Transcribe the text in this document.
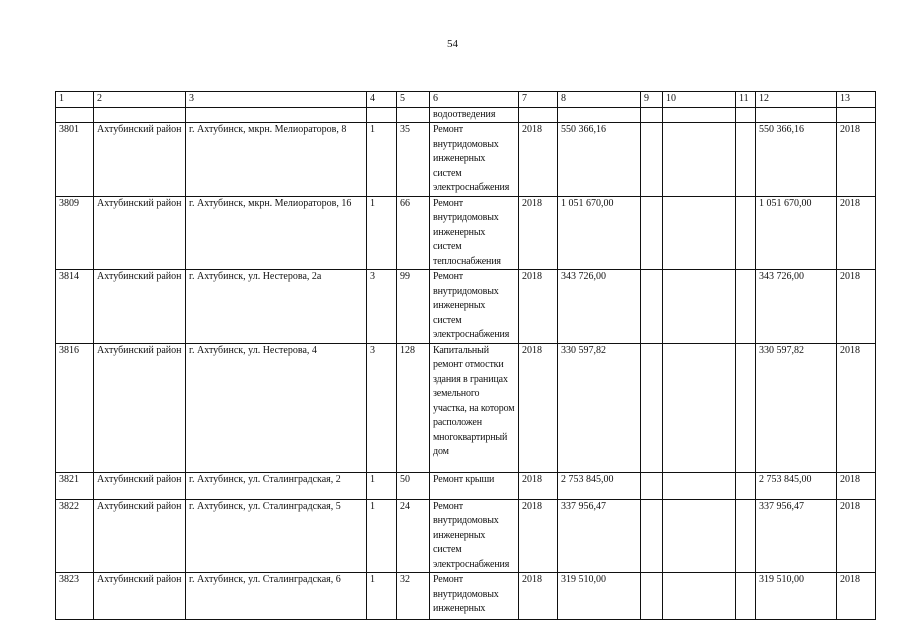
54
1	2	3	4	5	6	7	8	9	10	11	12	13
					водоотведения							
3801	Ахтубинский район	г. Ахтубинск, мкрн. Мелиораторов, 8	1	35	Ремонт внутридомовых инженерных систем электроснабжения	2018	550 366,16				550 366,16	2018
3809	Ахтубинский район	г. Ахтубинск, мкрн. Мелиораторов, 16	1	66	Ремонт внутридомовых инженерных систем теплоснабжения	2018	1 051 670,00				1 051 670,00	2018
3814	Ахтубинский район	г. Ахтубинск, ул. Нестерова, 2а	3	99	Ремонт внутридомовых инженерных систем электроснабжения	2018	343 726,00				343 726,00	2018
3816	Ахтубинский район	г. Ахтубинск, ул. Нестерова, 4	3	128	Капитальный ремонт отмостки здания в границах земельного участка, на котором расположен многоквартирный дом	2018	330 597,82				330 597,82	2018
3821	Ахтубинский район	г. Ахтубинск, ул. Сталинградская, 2	1	50	Ремонт крыши	2018	2 753 845,00				2 753 845,00	2018
3822	Ахтубинский район	г. Ахтубинск, ул. Сталинградская, 5	1	24	Ремонт внутридомовых инженерных систем электроснабжения	2018	337 956,47				337 956,47	2018
3823	Ахтубинский район	г. Ахтубинск, ул. Сталинградская, 6	1	32	Ремонт внутридомовых инженерных	2018	319 510,00				319 510,00	2018
